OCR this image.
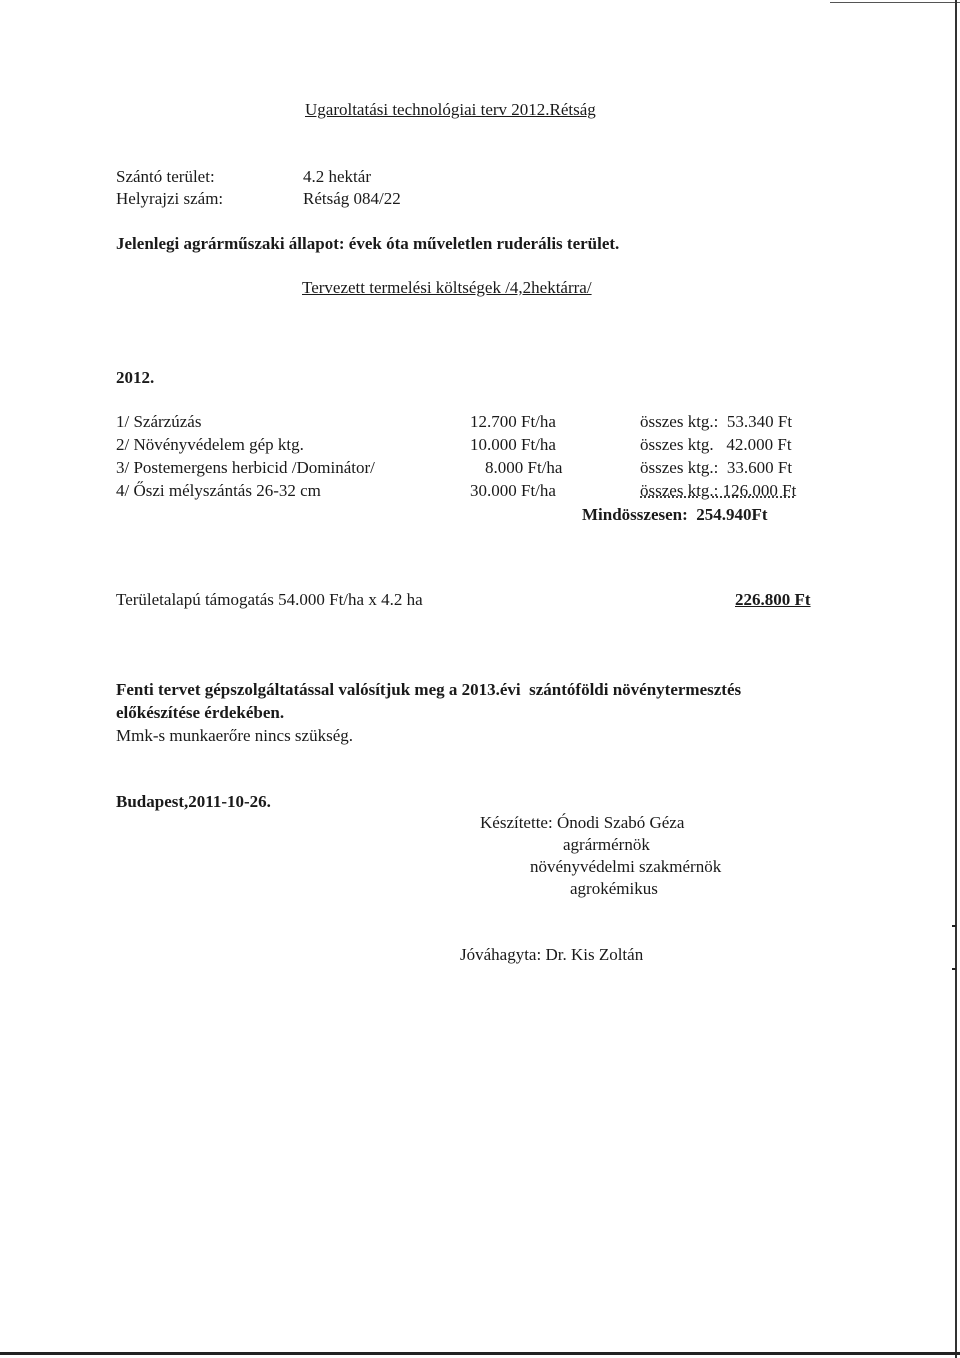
Ugaroltatási technológiai terv 2012.Rétság
Szántó terület:	4.2 hektár
Helyrajzi szám:	Rétság 084/22
Jelenlegi agrárműszaki állapot: évek óta műveletlen ruderális terület.
Tervezett termelési költségek /4,2hektárra/
2012.
1/ Szárzúzás	12.700 Ft/ha	összes ktg.:  53.340 Ft
2/ Növényvédelem gép ktg.	10.000 Ft/ha	összes ktg.   42.000 Ft
3/ Postemergens herbicid /Dominátor/	8.000 Ft/ha	összes ktg.:  33.600 Ft
4/ Őszi mélyszántás 26-32 cm	30.000 Ft/ha	összes ktg.: 126.000 Ft
Mindösszesen:  254.940Ft
Területalapú támogatás 54.000 Ft/ha x 4.2 ha	226.800 Ft
Fenti tervet gépszolgáltatással valósítjuk meg a 2013.évi  szántóföldi növénytermesztés
előkészítése érdekében.
Mmk-s munkaerőre nincs szükség.
Budapest,2011-10-26.
Készítette: Ónodi Szabó Géza
agrármérnök
növényvédelmi szakmérnök
agrokémikus
Jóváhagyta: Dr. Kis Zoltán
